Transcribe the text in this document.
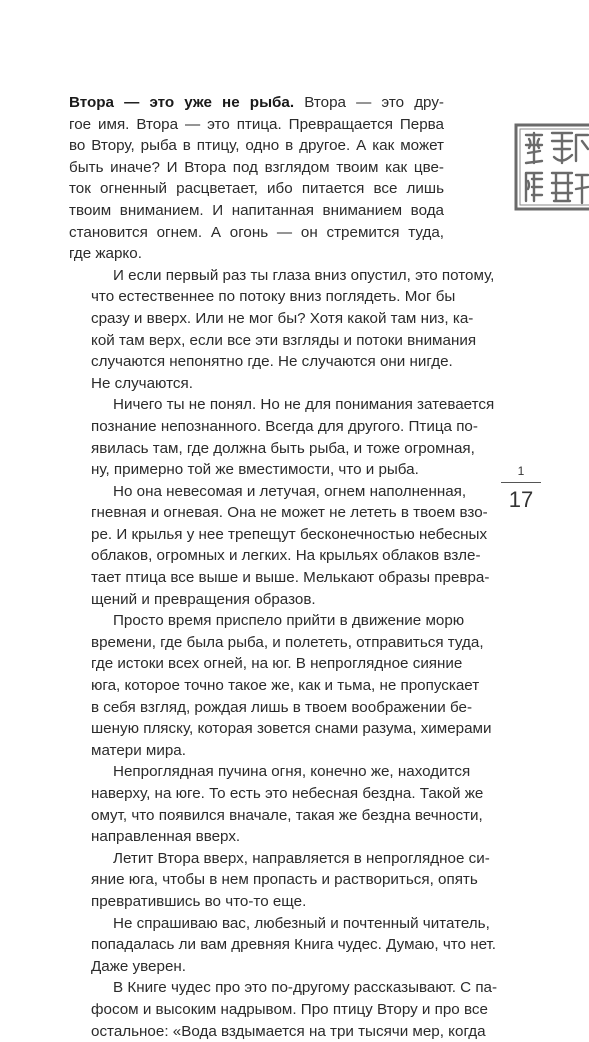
Втора — это уже не рыба. Втора — это дру-
гое имя. Втора — это птица. Превращается Перва
во Втору, рыба в птицу, одно в другое. А как может
быть иначе? И Втора под взглядом твоим как цве-
ток огненный расцветает, ибо питается все лишь
твоим вниманием. И напитанная вниманием вода
становится огнем. А огонь — он стремится туда,
где жарко.

И если первый раз ты глаза вниз опустил, это потому,
что естественнее по потоку вниз поглядеть. Мог бы
сразу и вверх. Или не мог бы? Хотя какой там низ, ка-
кой там верх, если все эти взгляды и потоки внимания
случаются непонятно где. Не случаются они нигде.
Не случаются.

Ничего ты не понял. Но не для понимания затевается
познание непознанного. Всегда для другого. Птица по-
явилась там, где должна быть рыба, и тоже огромная,
ну, примерно той же вместимости, что и рыба.

Но она невесомая и летучая, огнем наполненная,
гневная и огневая. Она не может не лететь в твоем взо-
ре. И крылья у нее трепещут бесконечностью небесных
облаков, огромных и легких. На крыльях облаков взле-
тает птица все выше и выше. Мелькают образы превра-
щений и превращения образов.

Просто время приспело прийти в движение морю
времени, где была рыба, и полететь, отправиться туда,
где истоки всех огней, на юг. В непроглядное сияние
юга, которое точно такое же, как и тьма, не пропускает
в себя взгляд, рождая лишь в твоем воображении бе-
шеную пляску, которая зовется снами разума, химерами
матери мира.

Непроглядная пучина огня, конечно же, находится
наверху, на юге. То есть это небесная бездна. Такой же
омут, что появился вначале, такая же бездна вечности,
направленная вверх.

Летит Втора вверх, направляется в непроглядное си-
яние юга, чтобы в нем пропасть и раствориться, опять
превратившись во что-то еще.

Не спрашиваю вас, любезный и почтенный читатель,
попадалась ли вам древняя Книга чудес. Думаю, что нет.
Даже уверен.

В Книге чудес про это по-другому рассказывают. С па-
фосом и высоким надрывом. Про птицу Втору и про все
остальное: «Вода вздымается на три тысячи мер, когда

1
17
